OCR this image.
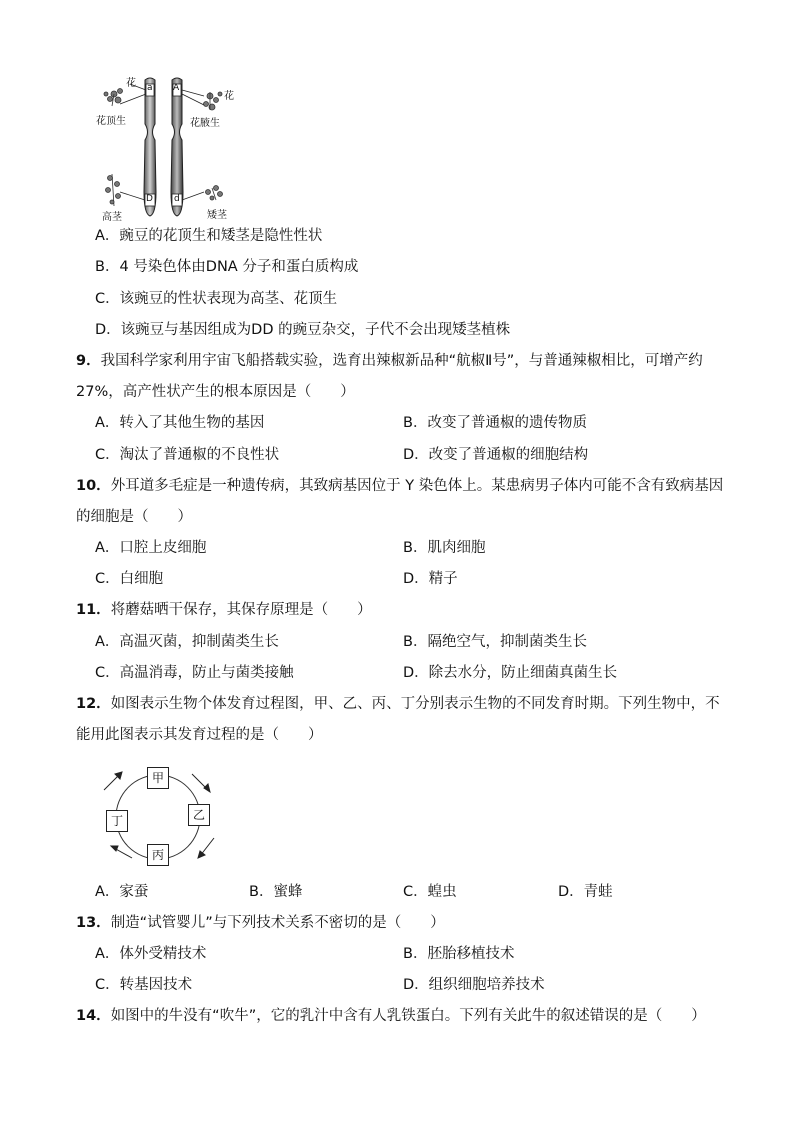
花 a A
花
花顶生	花腋生
D d
高茎	矮茎
A．豌豆的花顶生和矮茎是隐性性状
B．4 号染色体由DNA 分子和蛋白质构成
C．该豌豆的性状表现为高茎、花顶生
D．该豌豆与基因组成为DD 的豌豆杂交，子代不会出现矮茎植株
9．我国科学家利用宇宙飞船搭载实验，选育出辣椒新品种“航椒Ⅱ号”，与普通辣椒相比，可增产约
27%，高产性状产生的根本原因是（　　）
A．转入了其他生物的基因	B．改变了普通椒的遗传物质
C．淘汰了普通椒的不良性状	D．改变了普通椒的细胞结构
10．外耳道多毛症是一种遗传病，其致病基因位于 Y 染色体上。某患病男子体内可能不含有致病基因
的细胞是（　　）
A．口腔上皮细胞	B．肌肉细胞
C．白细胞	D．精子
11．将蘑菇晒干保存，其保存原理是（　　）
A．高温灭菌，抑制菌类生长	B．隔绝空气，抑制菌类生长
C．高温消毒，防止与菌类接触	D．除去水分，防止细菌真菌生长
12．如图表示生物个体发育过程图，甲、乙、丙、丁分别表示生物的不同发育时期。下列生物中，不
能用此图表示其发育过程的是（　　）
甲
乙
丙
丁
A．家蚕	B．蜜蜂	C．蝗虫	D．青蛙
13．制造“试管婴儿”与下列技术关系不密切的是（　　）
A．体外受精技术	B．胚胎移植技术
C．转基因技术	D．组织细胞培养技术
14．如图中的牛没有“吹牛”，它的乳汁中含有人乳铁蛋白。下列有关此牛的叙述错误的是（　　）
